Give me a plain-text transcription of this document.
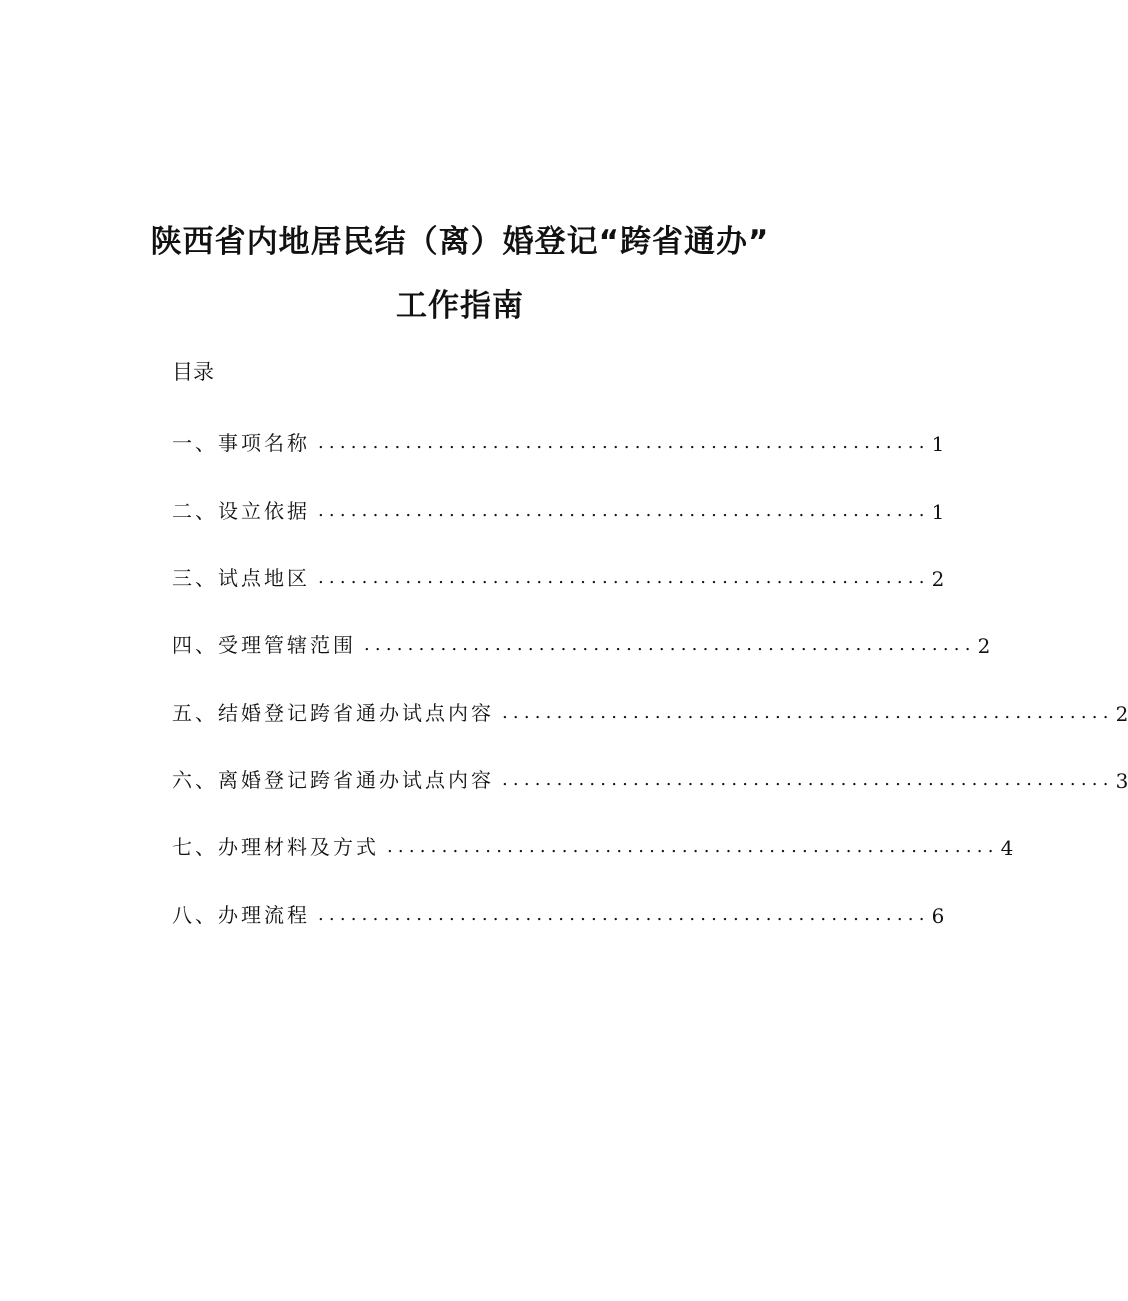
陕西省内地居民结（离）婚登记“跨省通办”
工作指南
目录
一、事项名称 ........................................................ 1
二、设立依据 ........................................................ 1
三、试点地区 ........................................................ 2
四、受理管辖范围 ........................................................ 2
五、结婚登记跨省通办试点内容 ........................................................ 2
六、离婚登记跨省通办试点内容 ........................................................ 3
七、办理材料及方式 ........................................................ 4
八、办理流程 ........................................................ 6
